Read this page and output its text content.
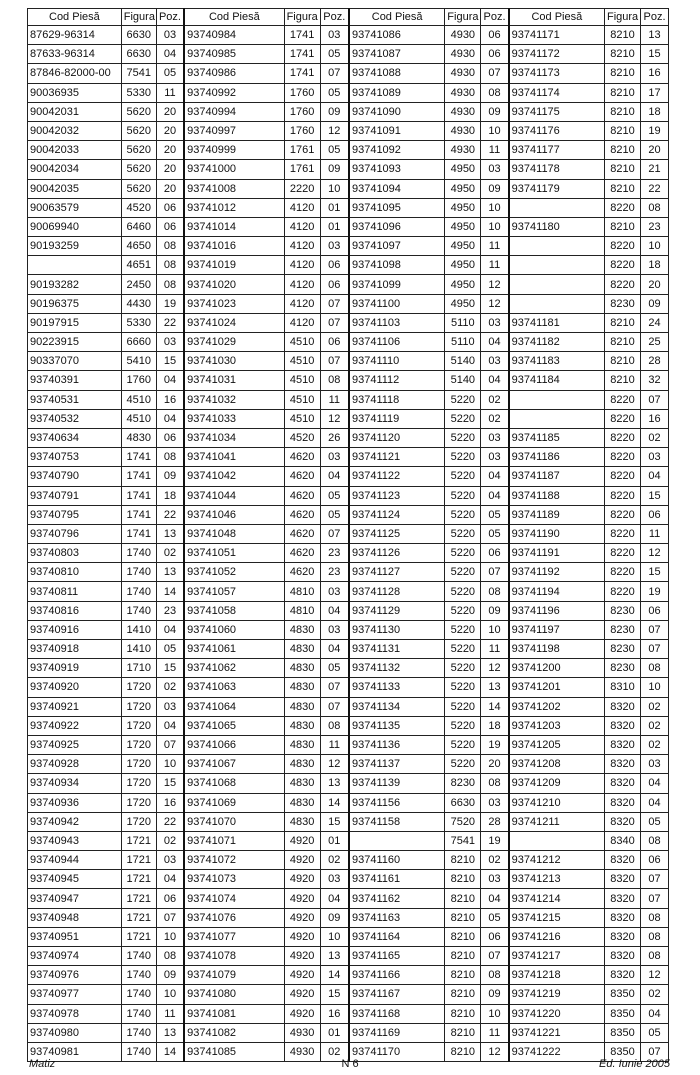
Cod Piesă	Figura	Poz.	Cod Piesă	Figura	Poz.	Cod Piesă	Figura	Poz.	Cod Piesă	Figura	Poz.
87629-96314	6630	03	93740984	1741	03	93741086	4930	06	93741171	8210	13
87633-96314	6630	04	93740985	1741	05	93741087	4930	06	93741172	8210	15
87846-82000-00	7541	05	93740986	1741	07	93741088	4930	07	93741173	8210	16
90036935	5330	11	93740992	1760	05	93741089	4930	08	93741174	8210	17
90042031	5620	20	93740994	1760	09	93741090	4930	09	93741175	8210	18
90042032	5620	20	93740997	1760	12	93741091	4930	10	93741176	8210	19
90042033	5620	20	93740999	1761	05	93741092	4930	11	93741177	8210	20
90042034	5620	20	93741000	1761	09	93741093	4950	03	93741178	8210	21
90042035	5620	20	93741008	2220	10	93741094	4950	09	93741179	8210	22
90063579	4520	06	93741012	4120	01	93741095	4950	10		8220	08
90069940	6460	06	93741014	4120	01	93741096	4950	10	93741180	8210	23
90193259	4650	08	93741016	4120	03	93741097	4950	11		8220	10
	4651	08	93741019	4120	06	93741098	4950	11		8220	18
90193282	2450	08	93741020	4120	06	93741099	4950	12		8220	20
90196375	4430	19	93741023	4120	07	93741100	4950	12		8230	09
90197915	5330	22	93741024	4120	07	93741103	5110	03	93741181	8210	24
90223915	6660	03	93741029	4510	06	93741106	5110	04	93741182	8210	25
90337070	5410	15	93741030	4510	07	93741110	5140	03	93741183	8210	28
93740391	1760	04	93741031	4510	08	93741112	5140	04	93741184	8210	32
93740531	4510	16	93741032	4510	11	93741118	5220	02		8220	07
93740532	4510	04	93741033	4510	12	93741119	5220	02		8220	16
93740634	4830	06	93741034	4520	26	93741120	5220	03	93741185	8220	02
93740753	1741	08	93741041	4620	03	93741121	5220	03	93741186	8220	03
93740790	1741	09	93741042	4620	04	93741122	5220	04	93741187	8220	04
93740791	1741	18	93741044	4620	05	93741123	5220	04	93741188	8220	15
93740795	1741	22	93741046	4620	05	93741124	5220	05	93741189	8220	06
93740796	1741	13	93741048	4620	07	93741125	5220	05	93741190	8220	11
93740803	1740	02	93741051	4620	23	93741126	5220	06	93741191	8220	12
93740810	1740	13	93741052	4620	23	93741127	5220	07	93741192	8220	15
93740811	1740	14	93741057	4810	03	93741128	5220	08	93741194	8220	19
93740816	1740	23	93741058	4810	04	93741129	5220	09	93741196	8230	06
93740916	1410	04	93741060	4830	03	93741130	5220	10	93741197	8230	07
93740918	1410	05	93741061	4830	04	93741131	5220	11	93741198	8230	07
93740919	1710	15	93741062	4830	05	93741132	5220	12	93741200	8230	08
93740920	1720	02	93741063	4830	07	93741133	5220	13	93741201	8310	10
93740921	1720	03	93741064	4830	07	93741134	5220	14	93741202	8320	02
93740922	1720	04	93741065	4830	08	93741135	5220	18	93741203	8320	02
93740925	1720	07	93741066	4830	11	93741136	5220	19	93741205	8320	02
93740928	1720	10	93741067	4830	12	93741137	5220	20	93741208	8320	03
93740934	1720	15	93741068	4830	13	93741139	8230	08	93741209	8320	04
93740936	1720	16	93741069	4830	14	93741156	6630	03	93741210	8320	04
93740942	1720	22	93741070	4830	15	93741158	7520	28	93741211	8320	05
93740943	1721	02	93741071	4920	01		7541	19		8340	08
93740944	1721	03	93741072	4920	02	93741160	8210	02	93741212	8320	06
93740945	1721	04	93741073	4920	03	93741161	8210	03	93741213	8320	07
93740947	1721	06	93741074	4920	04	93741162	8210	04	93741214	8320	07
93740948	1721	07	93741076	4920	09	93741163	8210	05	93741215	8320	08
93740951	1721	10	93741077	4920	10	93741164	8210	06	93741216	8320	08
93740974	1740	08	93741078	4920	13	93741165	8210	07	93741217	8320	08
93740976	1740	09	93741079	4920	14	93741166	8210	08	93741218	8320	12
93740977	1740	10	93741080	4920	15	93741167	8210	09	93741219	8350	02
93740978	1740	11	93741081	4920	16	93741168	8210	10	93741220	8350	04
93740980	1740	13	93741082	4930	01	93741169	8210	11	93741221	8350	05
93740981	1740	14	93741085	4930	02	93741170	8210	12	93741222	8350	07
Matiz	N 6	Ed. Iunie 2005
